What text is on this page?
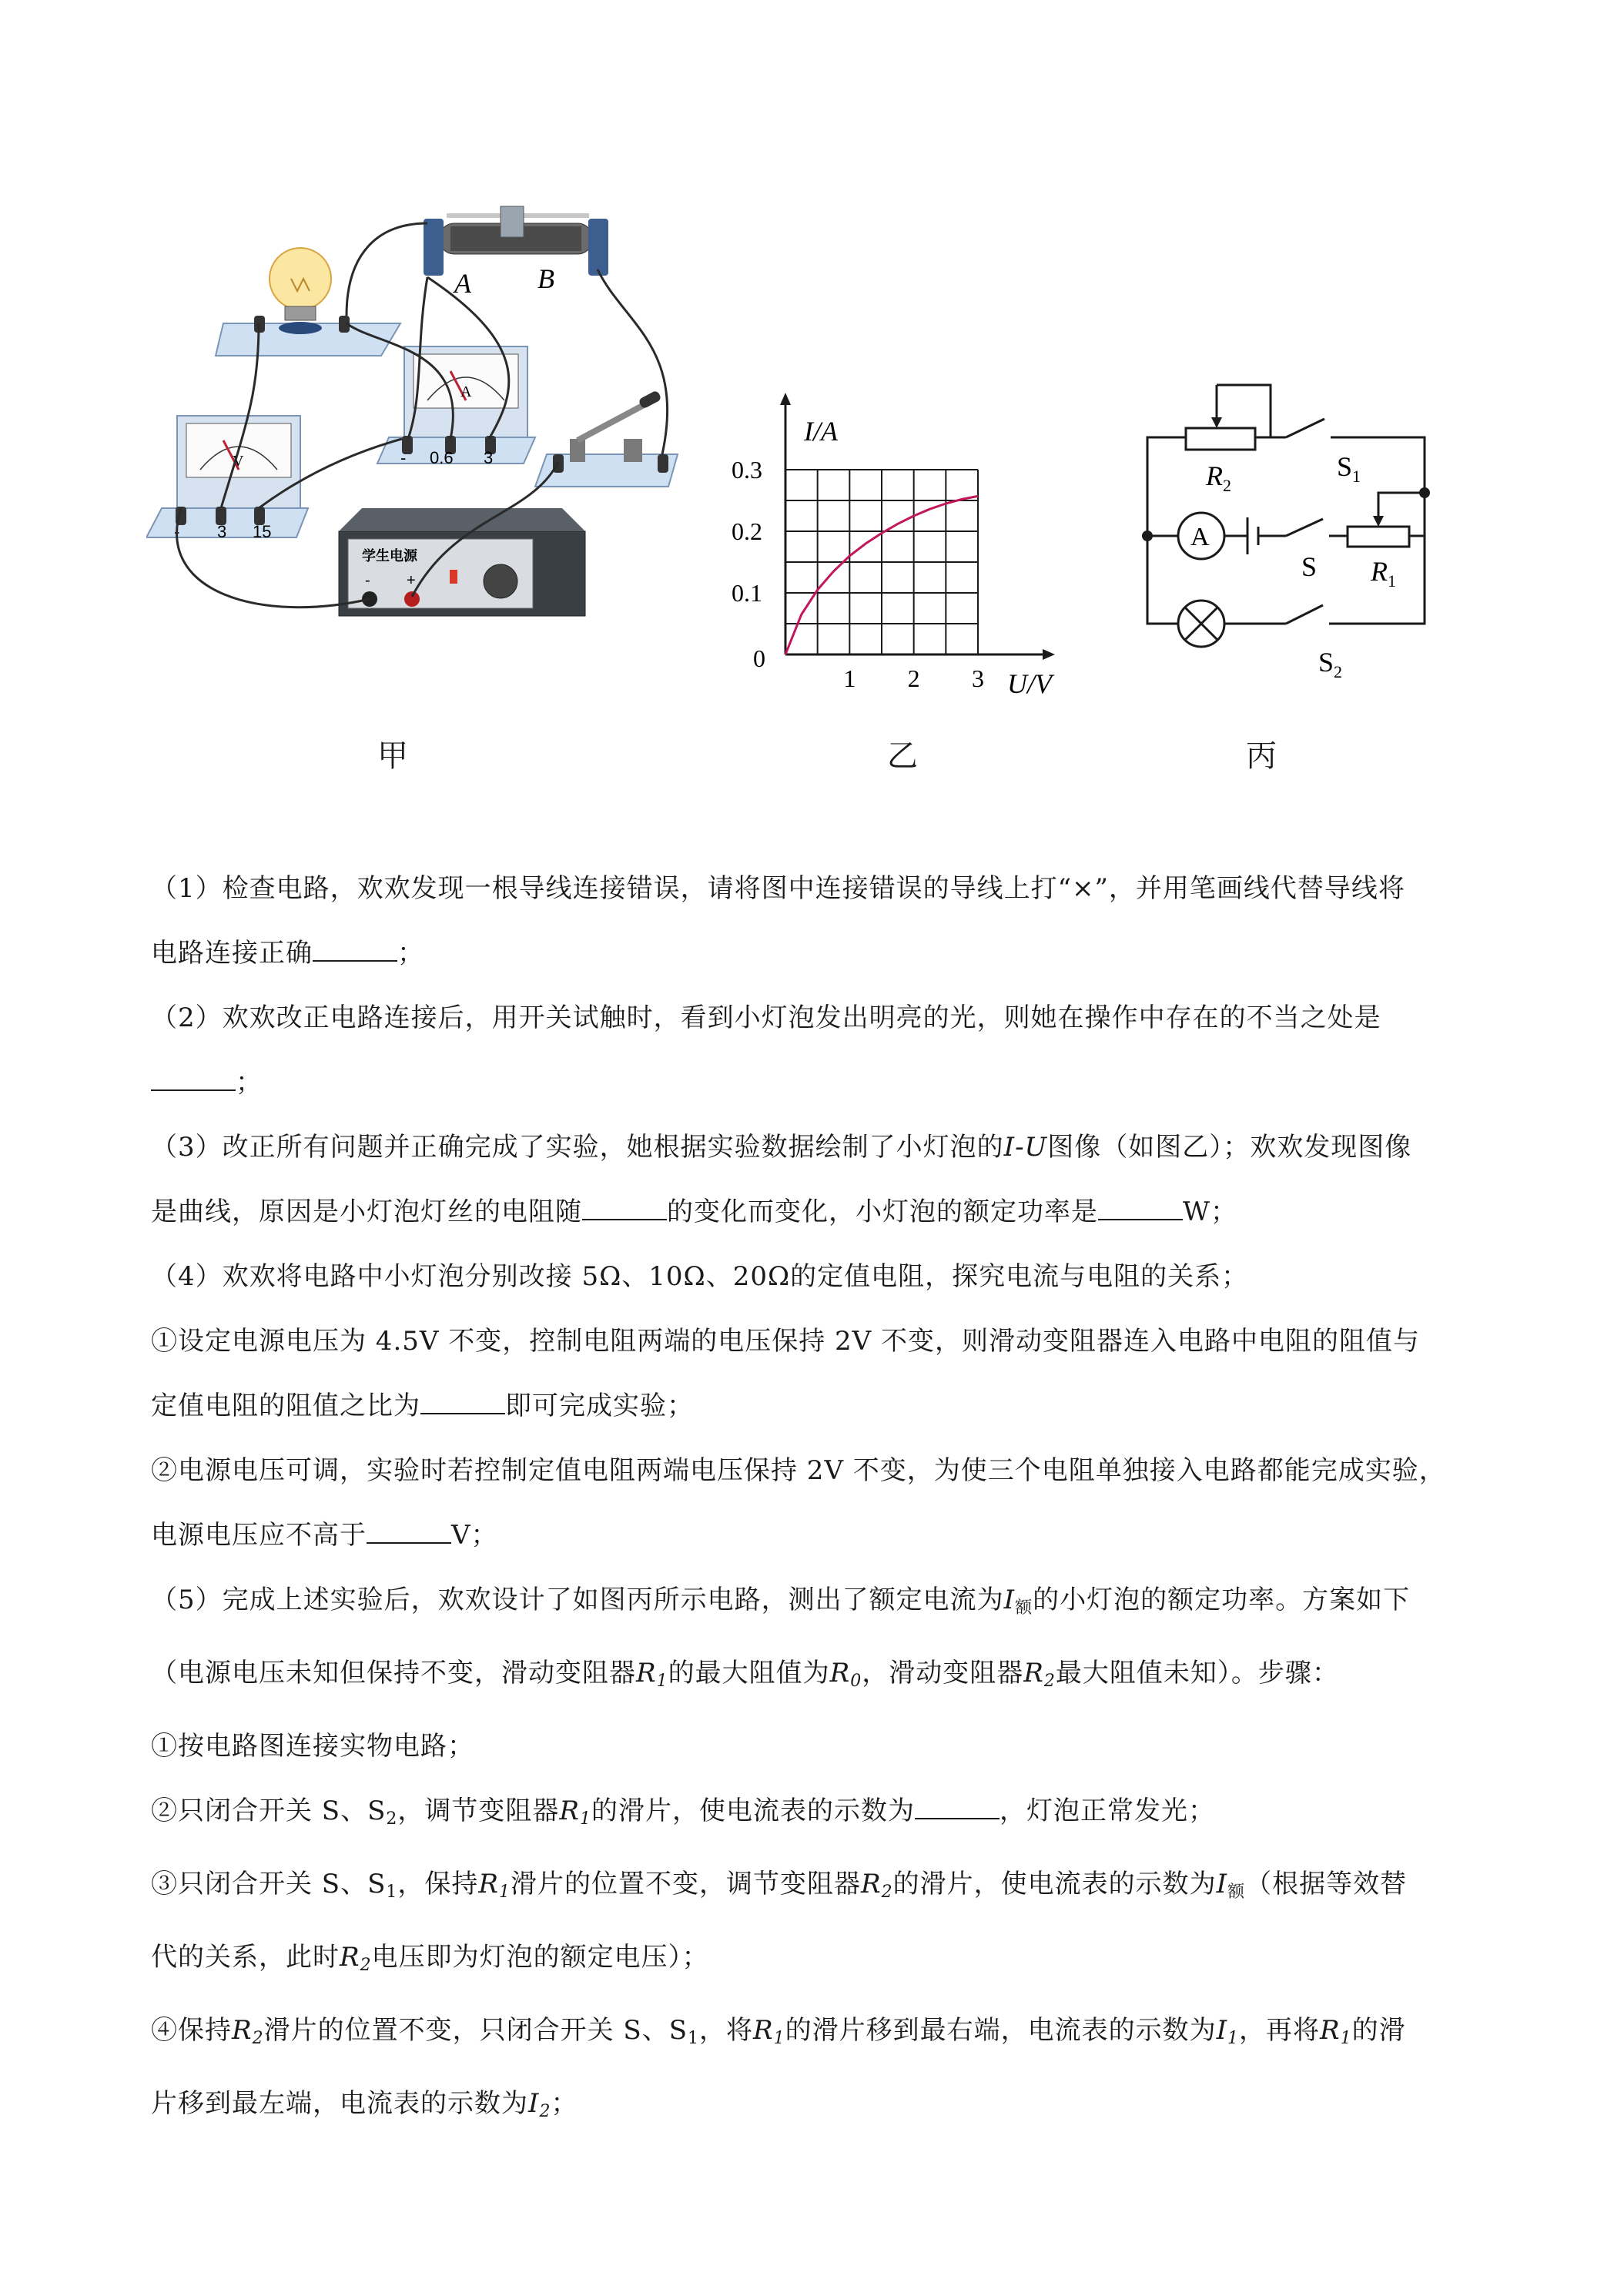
A B
V
- 3 15
A
- 0.6 3
学生电源
- +
1 2 3
0.1
0.2
0.3
0
I/A
U/V
A
$R_2$
$S_1$
S $R_1$
$S_2$
甲	乙	丙

（1）检查电路，欢欢发现一根导线连接错误，请将图中连接错误的导线上打“×”，并用笔画线代替导线将

电路连接正确	；

（2）欢欢改正电路连接后，用开关试触时，看到小灯泡发出明亮的光，则她在操作中存在的不当之处是

；

（3）改正所有问题并正确完成了实验，她根据实验数据绘制了小灯泡的I-U图像（如图乙）；欢欢发现图像

是曲线，原因是小灯泡灯丝的电阻随	的变化而变化，小灯泡的额定功率是	W；

（4）欢欢将电路中小灯泡分别改接 5Ω、10Ω、20Ω的定值电阻，探究电流与电阻的关系；

①设定电源电压为 4.5V 不变，控制电阻两端的电压保持 2V 不变，则滑动变阻器连入电路中电阻的阻值与

定值电阻的阻值之比为	即可完成实验；

②电源电压可调，实验时若控制定值电阻两端电压保持 2V 不变，为使三个电阻单独接入电路都能完成实验，

电源电压应不高于	V；

（5）完成上述实验后，欢欢设计了如图丙所示电路，测出了额定电流为$I_额$的小灯泡的额定功率。方案如下

（电源电压未知但保持不变，滑动变阻器$R_1$的最大阻值为$R_0$，滑动变阻器$R_2$最大阻值未知）。步骤：

①按电路图连接实物电路；

②只闭合开关 S、$S_2$，调节变阻器$R_1$的滑片，使电流表的示数为	，灯泡正常发光；

③只闭合开关 S、$S_1$，保持$R_1$滑片的位置不变，调节变阻器$R_2$的滑片，使电流表的示数为$I_额$（根据等效替

代的关系，此时$R_2$电压即为灯泡的额定电压）；

④保持$R_2$滑片的位置不变，只闭合开关 S、$S_1$，将$R_1$的滑片移到最右端，电流表的示数为$I_1$，再将$R_1$的滑

片移到最左端，电流表的示数为$I_2$；
